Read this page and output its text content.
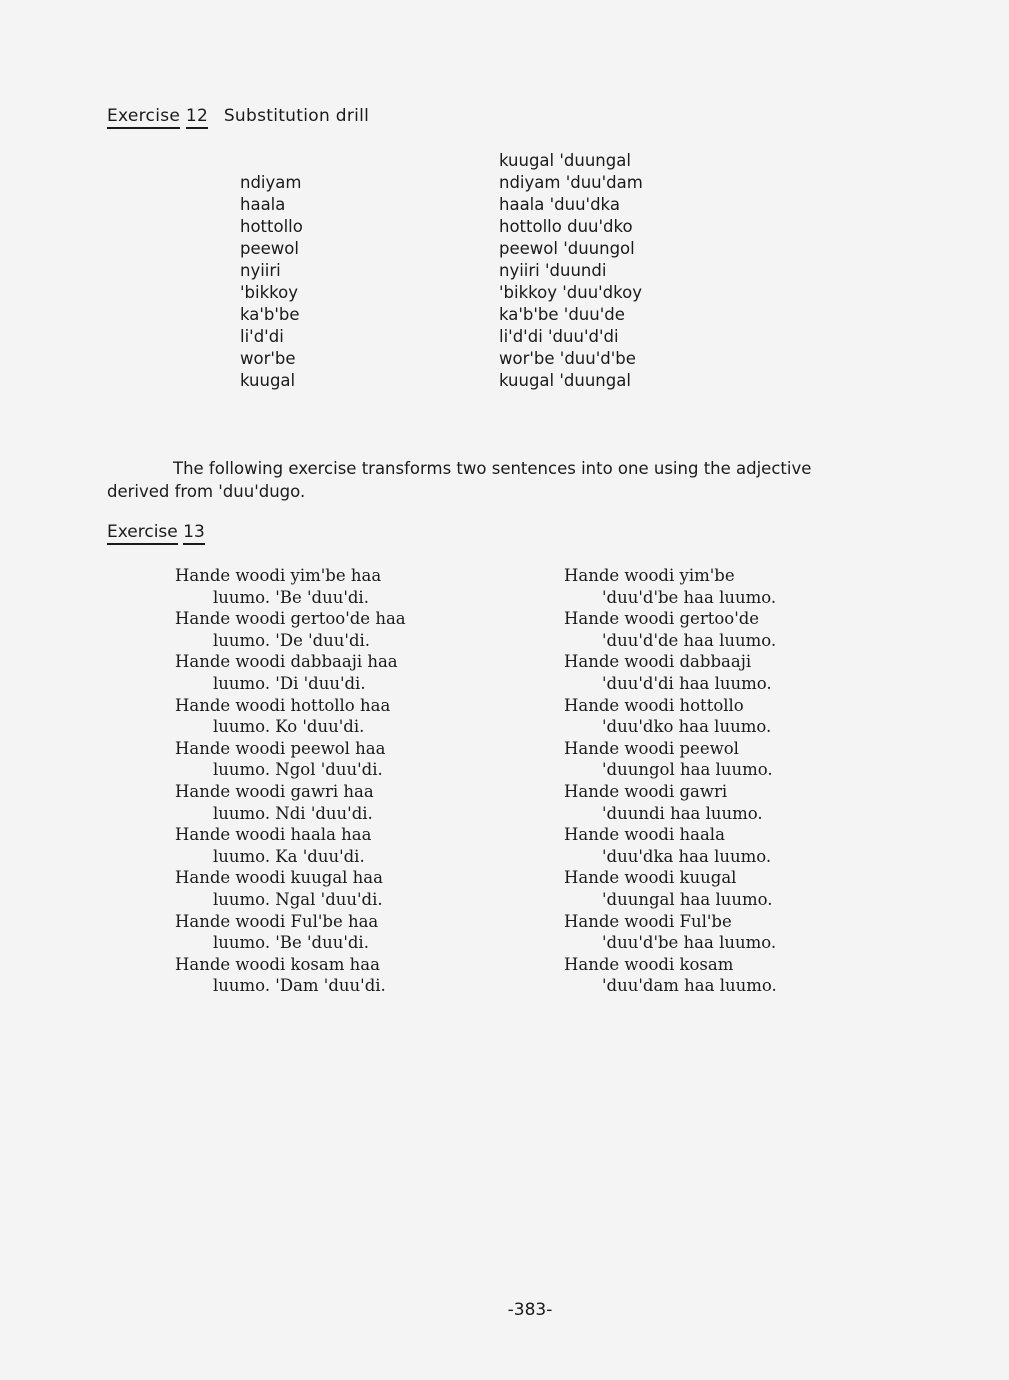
Exercise 12 Substitution drill
ndiyam
haala
hottollo
peewol
nyiiri
'bikkoy
ka'b'be
li'd'di
wor'be
kuugal
kuugal 'duungal
ndiyam 'duu'dam
haala 'duu'dka
hottollo duu'dko
peewol 'duungol
nyiiri 'duundi
'bikkoy 'duu'dkoy
ka'b'be 'duu'de
li'd'di 'duu'd'di
wor'be 'duu'd'be
kuugal 'duungal
The following exercise transforms two sentences into one using the adjective
derived from 'duu'dugo.
Exercise 13
Hande woodi yim'be haa
luumo. 'Be 'duu'di.
Hande woodi gertoo'de haa
luumo. 'De 'duu'di.
Hande woodi dabbaaji haa
luumo. 'Di 'duu'di.
Hande woodi hottollo haa
luumo. Ko 'duu'di.
Hande woodi peewol haa
luumo. Ngol 'duu'di.
Hande woodi gawri haa
luumo. Ndi 'duu'di.
Hande woodi haala haa
luumo. Ka 'duu'di.
Hande woodi kuugal haa
luumo. Ngal 'duu'di.
Hande woodi Ful'be haa
luumo. 'Be 'duu'di.
Hande woodi kosam haa
luumo. 'Dam 'duu'di.
Hande woodi yim'be
'duu'd'be haa luumo.
Hande woodi gertoo'de
'duu'd'de haa luumo.
Hande woodi dabbaaji
'duu'd'di haa luumo.
Hande woodi hottollo
'duu'dko haa luumo.
Hande woodi peewol
'duungol haa luumo.
Hande woodi gawri
'duundi haa luumo.
Hande woodi haala
'duu'dka haa luumo.
Hande woodi kuugal
'duungal haa luumo.
Hande woodi Ful'be
'duu'd'be haa luumo.
Hande woodi kosam
'duu'dam haa luumo.
-383-
